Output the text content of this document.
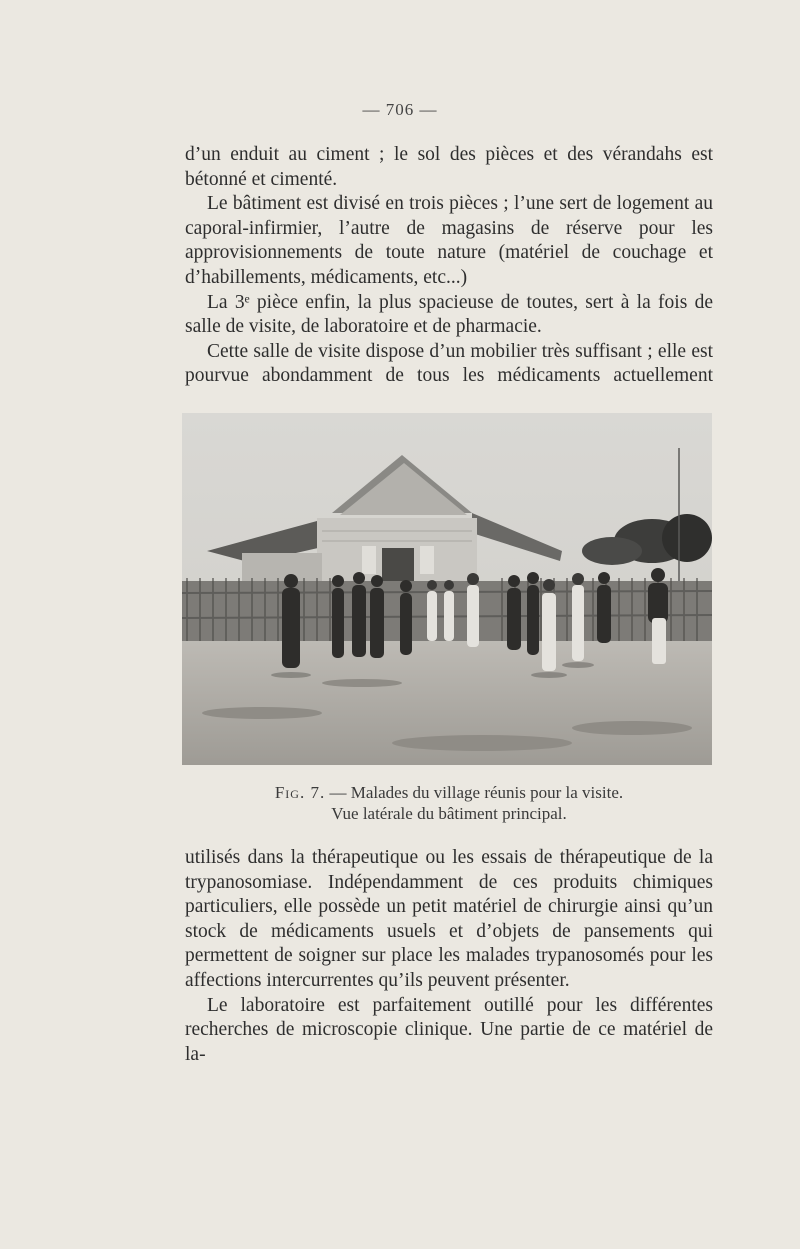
— 706 —

d’un enduit au ciment ; le sol des pièces et des vérandahs est bétonné et cimenté.

Le bâtiment est divisé en trois pièces ; l’une sert de logement au caporal-infirmier, l’autre de magasins de réserve pour les approvisionnements de toute nature (matériel de couchage et d’habillements, médicaments, etc...)

La 3ᵉ pièce enfin, la plus spacieuse de toutes, sert à la fois de salle de visite, de laboratoire et de pharmacie.

Cette salle de visite dispose d’un mobilier très suffisant ; elle est pourvue abondamment de tous les médicaments actuellement

Fig. 7. — Malades du village réunis pour la visite.
Vue latérale du bâtiment principal.

utilisés dans la thérapeutique ou les essais de thérapeutique de la trypanosomiase. Indépendamment de ces produits chimiques particuliers, elle possède un petit matériel de chirurgie ainsi qu’un stock de médicaments usuels et d’objets de pansements qui permettent de soigner sur place les malades trypanosomés pour les affections intercurrentes qu’ils peuvent présenter.

Le laboratoire est parfaitement outillé pour les différentes recherches de microscopie clinique. Une partie de ce matériel de la-
